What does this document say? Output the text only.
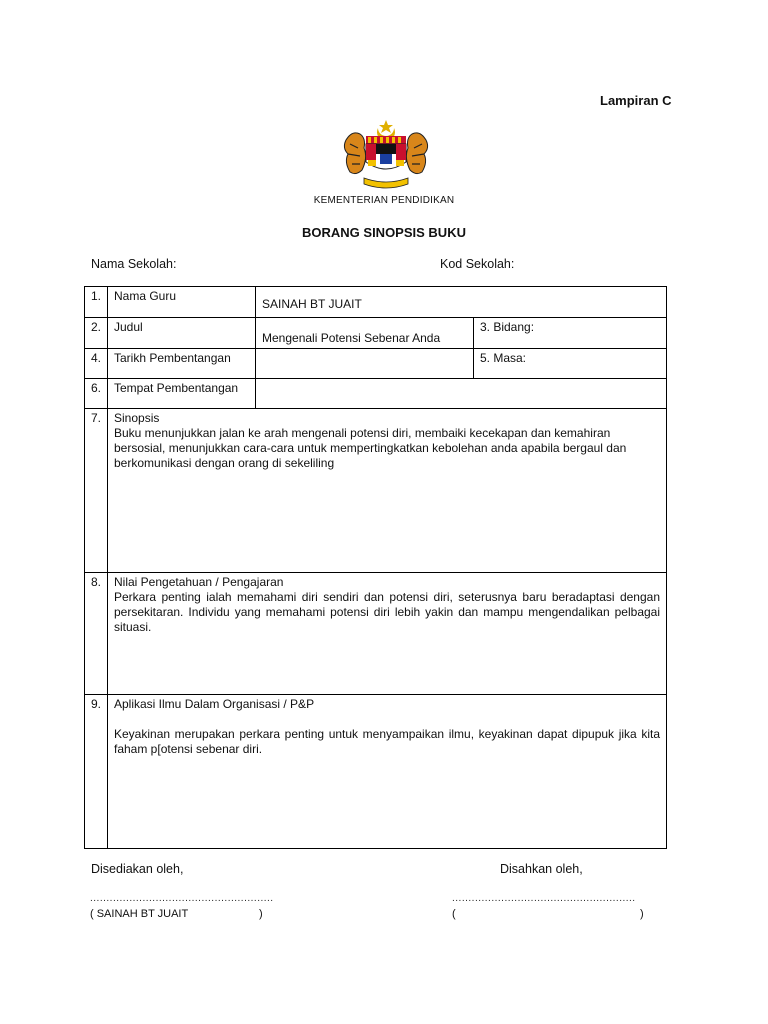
Lampiran C
KEMENTERIAN PENDIDIKAN
BORANG SINOPSIS BUKU
Nama Sekolah:	Kod Sekolah:
1.	Nama Guru	SAINAH BT JUAIT	

2.	Judul	Mengenali Potensi Sebenar Anda	3. Bidang:
4.	Tarikh Pembentangan		5. Masa:
6.	Tempat Pembentangan		
7.	Sinopsis
Buku menunjukkan jalan ke arah mengenali potensi diri, membaiki kecekapan dan kemahiran bersosial, menunjukkan cara-cara untuk mempertingkatkan kebolehan anda apabila bergaul dan berkomunikasi dengan orang di sekeliling		
8.	Nilai Pengetahuan / Pengajaran
Perkara penting ialah memahami diri sendiri dan potensi diri, seterusnya baru beradaptasi dengan persekitaran. Individu yang memahami potensi diri lebih yakin dan mampu mengendalikan pelbagai situasi.		
9.	Aplikasi Ilmu Dalam Organisasi / P&P
Keyakinan merupakan perkara penting untuk menyampaikan ilmu, keyakinan dapat dipupuk jika kita faham p[otensi sebenar diri.		
Disediakan oleh,	Disahkan oleh,
........................................................	........................................................
( SAINAH BT JUAIT	)	(	)
